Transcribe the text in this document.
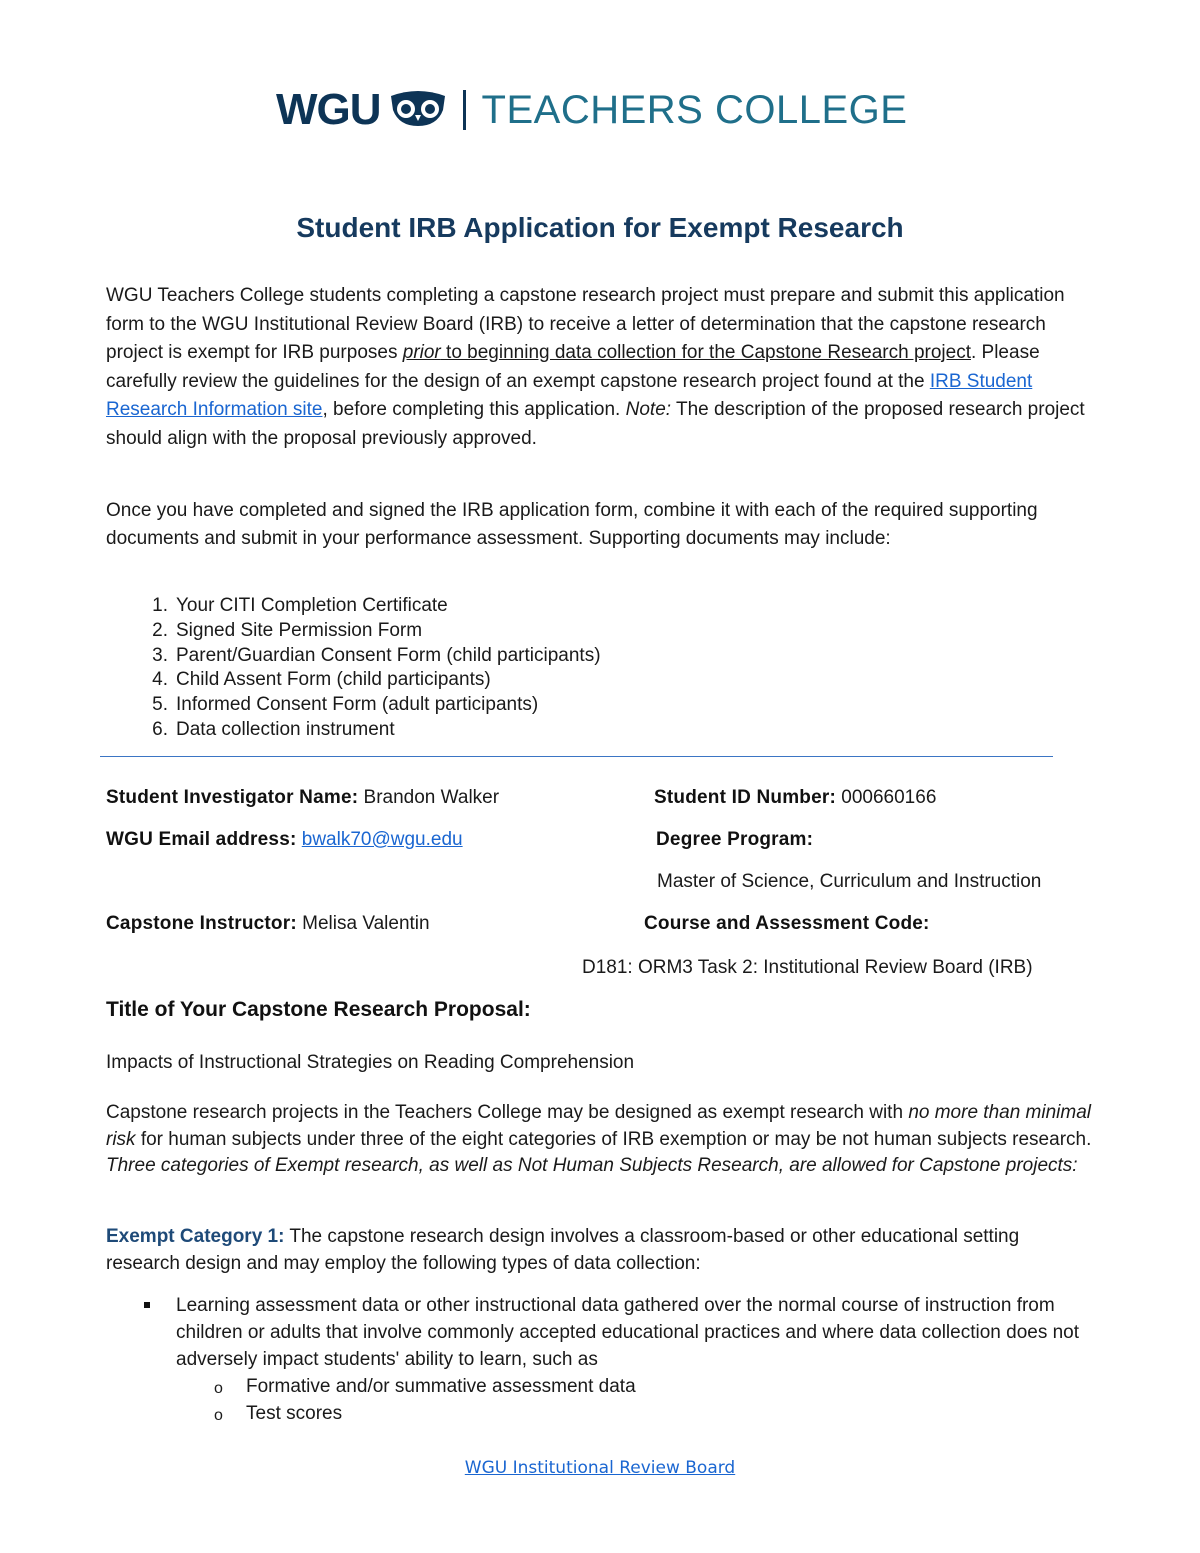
WGU	TEACHERS COLLEGE
Student IRB Application for Exempt Research

WGU Teachers College students completing a capstone research project must prepare and submit this application form to the WGU Institutional Review Board (IRB) to receive a letter of determination that the capstone research project is exempt for IRB purposes prior to beginning data collection for the Capstone Research project. Please carefully review the guidelines for the design of an exempt capstone research project found at the IRB Student Research Information site, before completing this application. Note: The description of the proposed research project should align with the proposal previously approved.

Once you have completed and signed the IRB application form, combine it with each of the required supporting documents and submit in your performance assessment. Supporting documents may include:
1. Your CITI Completion Certificate
2. Signed Site Permission Form
3. Parent/Guardian Consent Form (child participants)
4. Child Assent Form (child participants)
5. Informed Consent Form (adult participants)
6. Data collection instrument
Student Investigator Name: Brandon Walker	Student ID Number: 000660166
WGU Email address: bwalk70@wgu.edu	Degree Program:
Master of Science, Curriculum and Instruction
Capstone Instructor: Melisa Valentin	Course and Assessment Code:
D181: ORM3 Task 2: Institutional Review Board (IRB)
Title of Your Capstone Research Proposal:
Impacts of Instructional Strategies on Reading Comprehension
Capstone research projects in the Teachers College may be designed as exempt research with no more than minimal risk for human subjects under three of the eight categories of IRB exemption or may be not human subjects research. Three categories of Exempt research, as well as Not Human Subjects Research, are allowed for Capstone projects:
Exempt Category 1: The capstone research design involves a classroom-based or other educational setting research design and may employ the following types of data collection:
Learning assessment data or other instructional data gathered over the normal course of instruction from children or adults that involve commonly accepted educational practices and where data collection does not adversely impact students' ability to learn, such as
o Formative and/or summative assessment data
o Test scores
WGU Institutional Review Board
